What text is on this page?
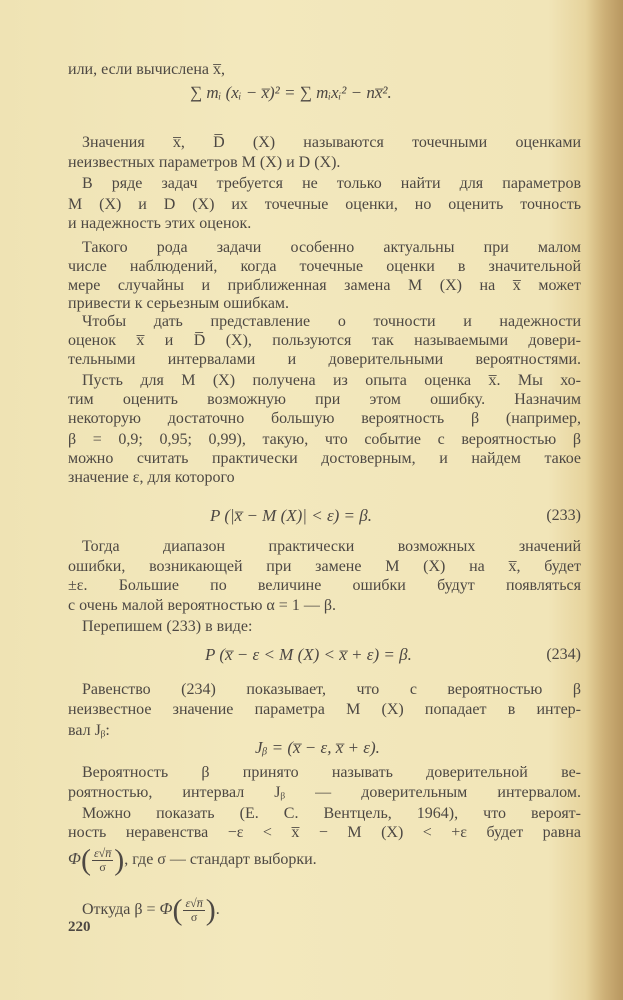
∑ mᵢ (xᵢ − x̅)² = ∑ mᵢxᵢ² − nx̅².
P (|x̅ − M (X)| < ε) = β.	(233)
P (x̅ − ε < M (X) < x̅ + ε) = β.	(234)
Jᵦ = (x̅ − ε, x̅ + ε).
$\Phi( \frac{\varepsilon√n̅}{\sigma}$ ), где σ — стандарт выборки.
Откуда $\beta = \Phi( \frac{\varepsilon√n̅}{\sigma}$ ).
220
или, если вычислена x̅,
Значения x̅, D̅ (X) называются точечными оценками
неизвестных параметров M (X) и D (X).
В ряде задач требуется не только найти для параметров
M (X) и D (X) их точечные оценки, но оценить точность
и надежность этих оценок.
Такого рода задачи особенно актуальны при малом
числе наблюдений, когда точечные оценки в значительной
мере случайны и приближенная замена M (X) на x̅ может
привести к серьезным ошибкам.
Чтобы дать представление о точности и надежности
оценок x̅ и D̅ (X), пользуются так называемыми довери-
тельными интервалами и доверительными вероятностями.
Пусть для M (X) получена из опыта оценка x̅. Мы хо-
тим оценить возможную при этом ошибку. Назначим
некоторую достаточно большую вероятность β (например,
β = 0,9; 0,95; 0,99), такую, что событие с вероятностью β
можно считать практически достоверным, и найдем такое
значение ε, для которого
Тогда диапазон практически возможных значений
ошибки, возникающей при замене M (X) на x̅, будет
±ε. Большие по величине ошибки будут появляться
с очень малой вероятностью α = 1 — β.
Перепишем (233) в виде:
Равенство (234) показывает, что с вероятностью β
неизвестное значение параметра M (X) попадает в интер-
вал Jᵦ:
Вероятность β принято называть доверительной ве-
роятностью, интервал Jᵦ — доверительным интервалом.
Можно показать (Е. С. Вентцель, 1964), что вероят-
ность неравенства −ε < x̅ − M (X) < +ε будет равна
